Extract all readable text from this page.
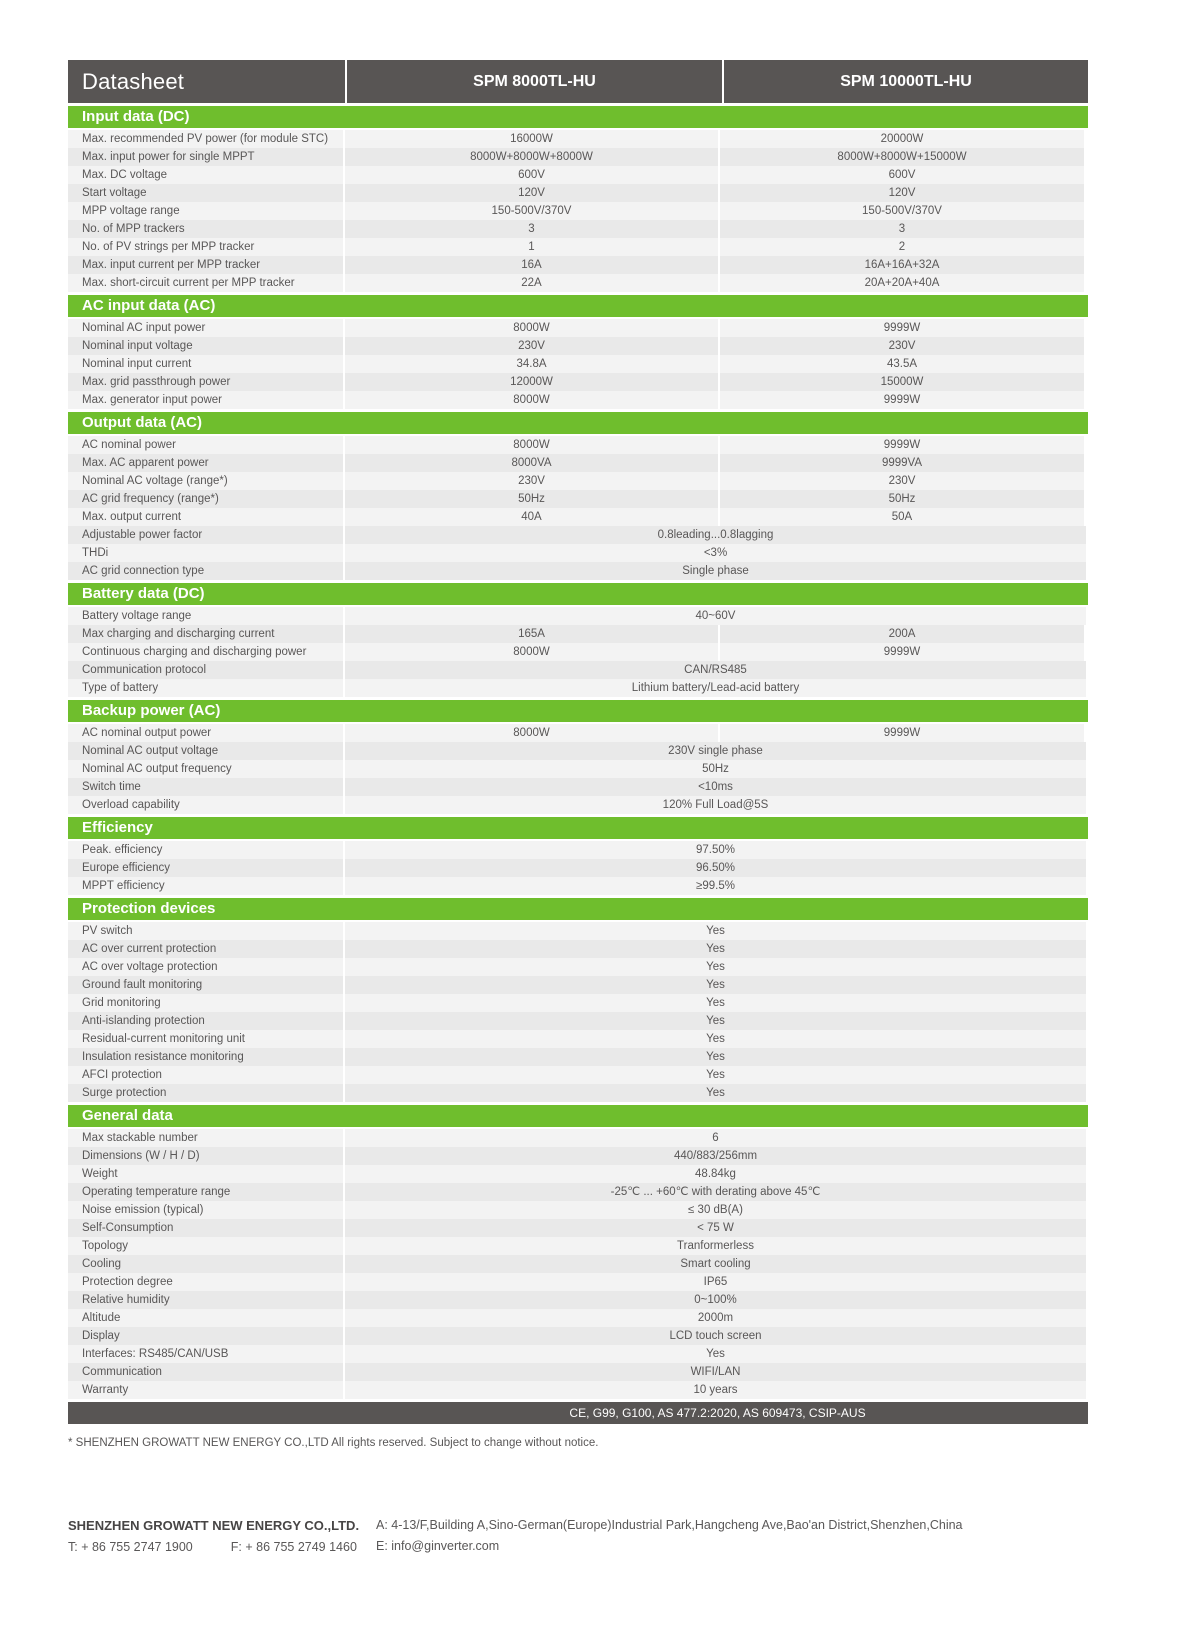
Datasheet	SPM 8000TL-HU	SPM 10000TL-HU
Input data (DC)
Max. recommended PV power (for module STC)	16000W	20000W
Max. input power for single MPPT	8000W+8000W+8000W	8000W+8000W+15000W
Max. DC voltage	600V	600V
Start voltage	120V	120V
MPP voltage range	150-500V/370V	150-500V/370V
No. of MPP trackers	3	3
No. of PV strings per MPP tracker	1	2
Max. input current per MPP tracker	16A	16A+16A+32A
Max. short-circuit current per MPP tracker	22A	20A+20A+40A
AC input data (AC)
Nominal AC input power	8000W	9999W
Nominal input voltage	230V	230V
Nominal input current	34.8A	43.5A
Max. grid passthrough power	12000W	15000W
Max. generator input power	8000W	9999W
Output data (AC)
AC nominal power	8000W	9999W
Max. AC apparent power	8000VA	9999VA
Nominal AC voltage (range*)	230V	230V
AC grid frequency (range*)	50Hz	50Hz
Max. output current	40A	50A
Adjustable power factor	0.8leading...0.8lagging
THDi	<3%
AC grid connection type	Single phase
Battery data (DC)
Battery voltage range	40~60V
Max charging and discharging current	165A	200A
Continuous charging and discharging power	8000W	9999W
Communication protocol	CAN/RS485
Type of battery	Lithium battery/Lead-acid battery
Backup power (AC)
AC nominal output power	8000W	9999W
Nominal AC output voltage	230V single phase
Nominal AC output frequency	50Hz
Switch time	<10ms
Overload capability	120% Full Load@5S
Efficiency
Peak. efficiency	97.50%
Europe efficiency	96.50%
MPPT efficiency	≥99.5%
Protection devices
PV switch	Yes
AC over current protection	Yes
AC over voltage protection	Yes
Ground fault monitoring	Yes
Grid monitoring	Yes
Anti-islanding protection	Yes
Residual-current monitoring unit	Yes
Insulation resistance monitoring	Yes
AFCI protection	Yes
Surge protection	Yes
General data
Max stackable number	6
Dimensions (W / H / D)	440/883/256mm
Weight	48.84kg
Operating temperature range	-25℃ ... +60℃ with derating above 45℃
Noise emission (typical)	≤ 30 dB(A)
Self-Consumption	< 75 W
Topology	Tranformerless
Cooling	Smart cooling
Protection degree	IP65
Relative humidity	0~100%
Altitude	2000m
Display	LCD touch screen
Interfaces: RS485/CAN/USB	Yes
Communication	WIFI/LAN
Warranty	10 years
CE, G99, G100, AS 477.2:2020, AS 609473, CSIP-AUS
* SHENZHEN GROWATT NEW ENERGY CO.,LTD All rights reserved. Subject to change without notice.
SHENZHEN GROWATT NEW ENERGY CO.,LTD.
T: + 86 755 2747 1900	F: + 86 755 2749 1460
A: 4-13/F,Building A,Sino-German(Europe)Industrial Park,Hangcheng Ave,Bao'an District,Shenzhen,China
E: info@ginverter.com
